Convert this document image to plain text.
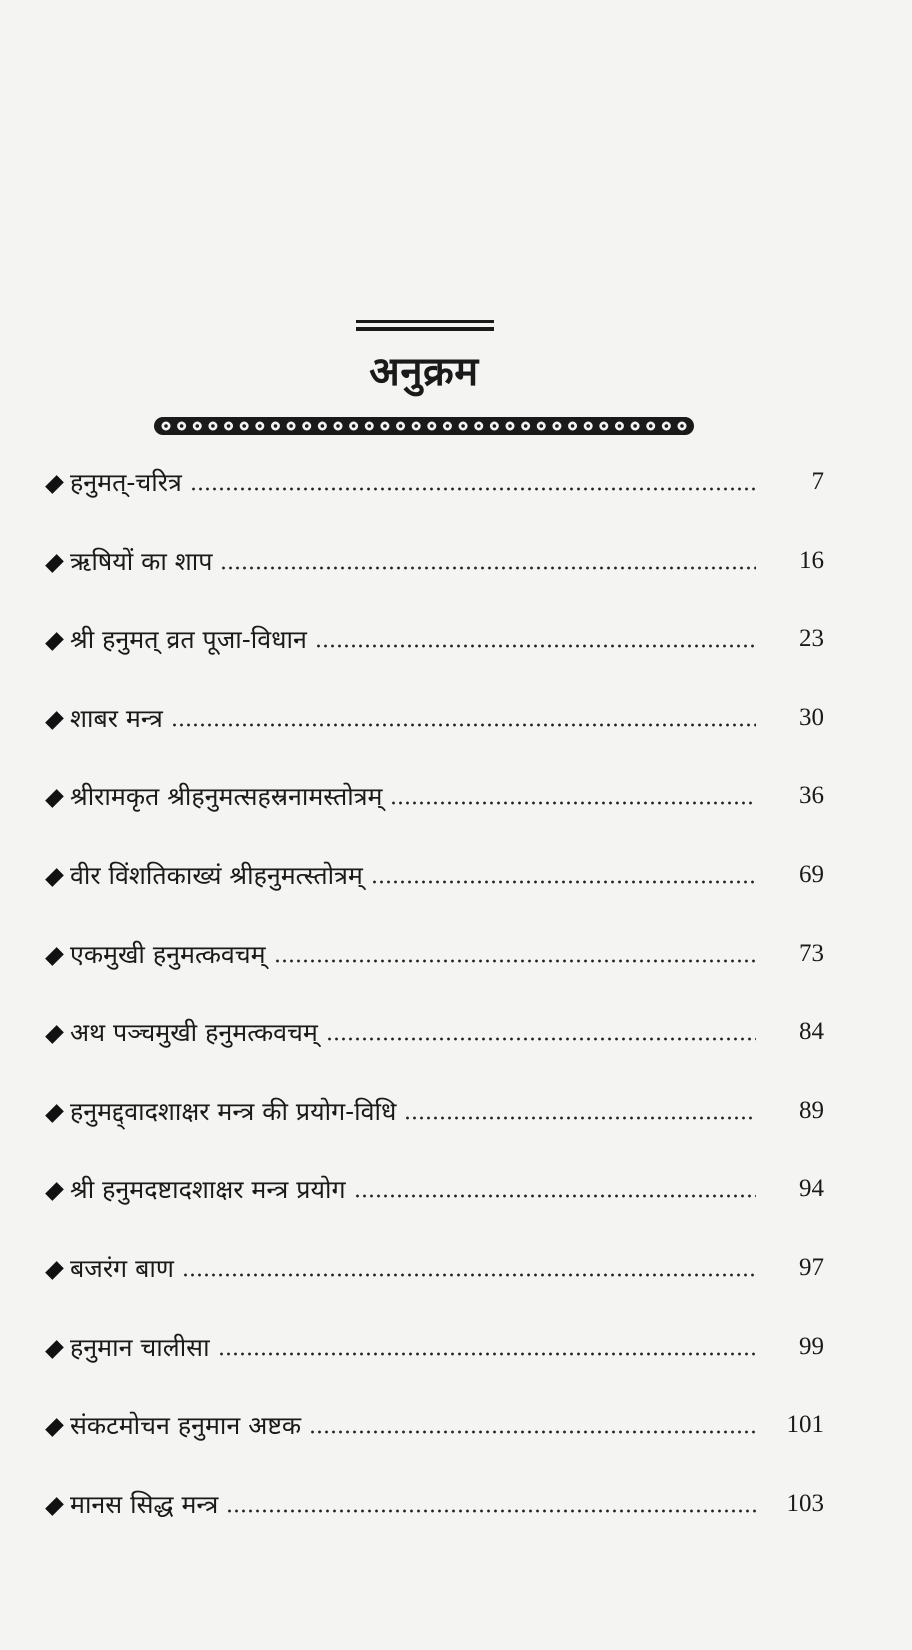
अनुक्रम
हनुमत्-चरित्र	7
ऋषियों का शाप	16
श्री हनुमत् व्रत पूजा-विधान	23
शाबर मन्त्र	30
श्रीरामकृत श्रीहनुमत्सहस्रनामस्तोत्रम्	36
वीर विंशतिकाख्यं श्रीहनुमत्स्तोत्रम्	69
एकमुखी हनुमत्कवचम्	73
अथ पञ्चमुखी हनुमत्कवचम्	84
हनुमद्द्वादशाक्षर मन्त्र की प्रयोग-विधि	89
श्री हनुमदष्टादशाक्षर मन्त्र प्रयोग	94
बजरंग बाण	97
हनुमान चालीसा	99
संकटमोचन हनुमान अष्टक	101
मानस सिद्ध मन्त्र	103
